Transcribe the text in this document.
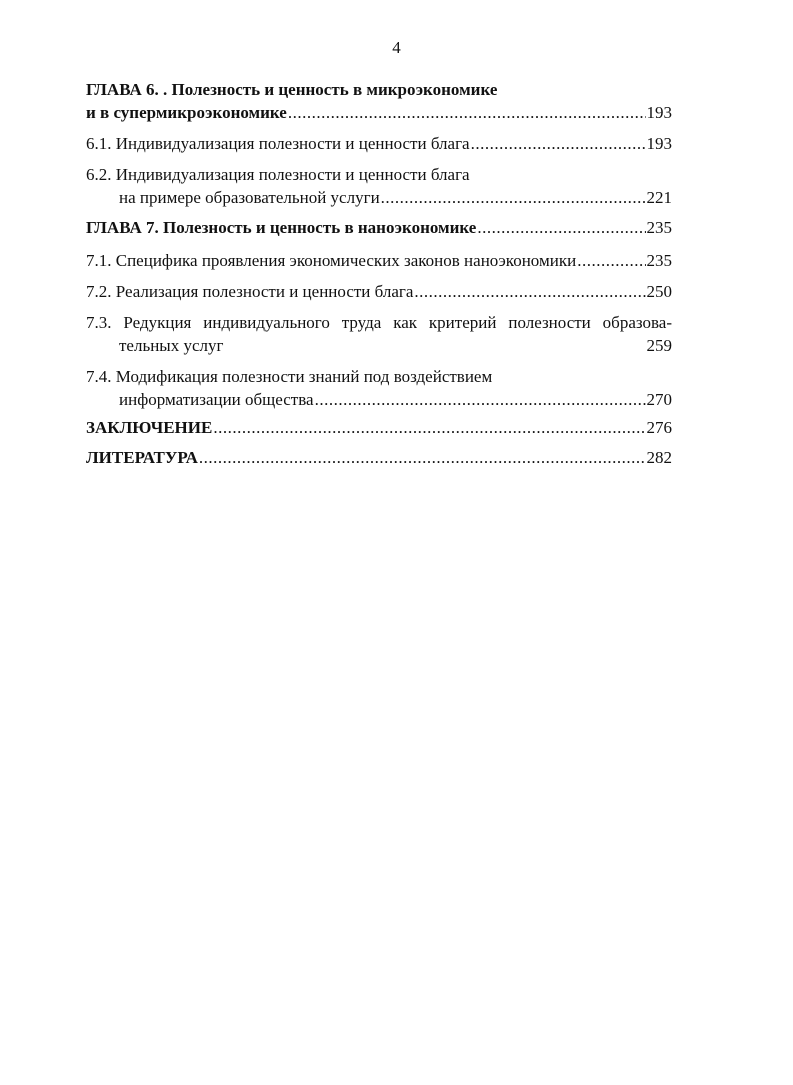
4
ГЛАВА 6. . Полезность и ценность в микроэкономике
и в супермикроэкономике .....	193
6.1. Индивидуализация полезности и ценности блага .....	193
6.2. Индивидуализация полезности и ценности блага
на примере образовательной услуги .....	221
ГЛАВА 7. Полезность и ценность в наноэкономике .....	235
7.1. Специфика проявления экономических законов наноэкономики .....	235
7.2. Реализация полезности и ценности блага .....	250
7.3. Редукция индивидуального труда как критерий полезности образова-
тельных услуг	259
7.4. Модификация полезности знаний под воздействием
информатизации общества .....	270
ЗАКЛЮЧЕНИЕ .....	276
ЛИТЕРАТУРА .....	282
